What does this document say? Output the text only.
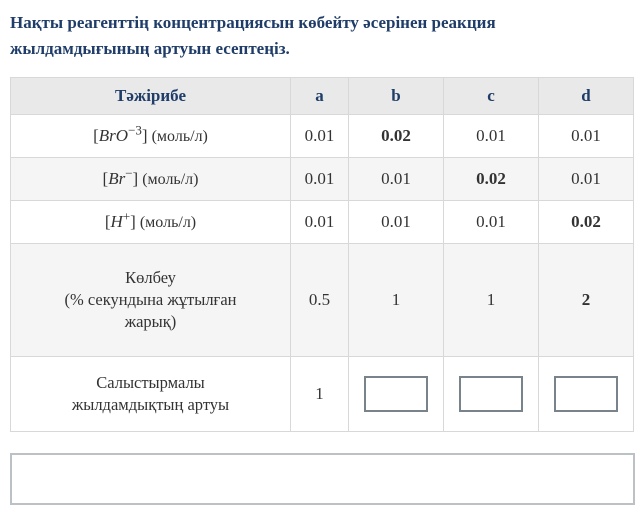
Нақты реагенттің концентрациясын көбейту әсерінен реакция жылдамдығының артуын есептеңіз.
Тәжірибе	a	b	c	d
[BrO$^{-3}$] (моль/л)	0.01	0.02	0.01	0.01
[Br−] (моль/л)	0.01	0.01	0.02	0.01
[H+] (моль/л)	0.01	0.01	0.01	0.02

Көлбеу
(% секундына жұтылған
жарық)	0.5	1	1	2

Салыстырмалы
жылдамдықтың артуы	1			
